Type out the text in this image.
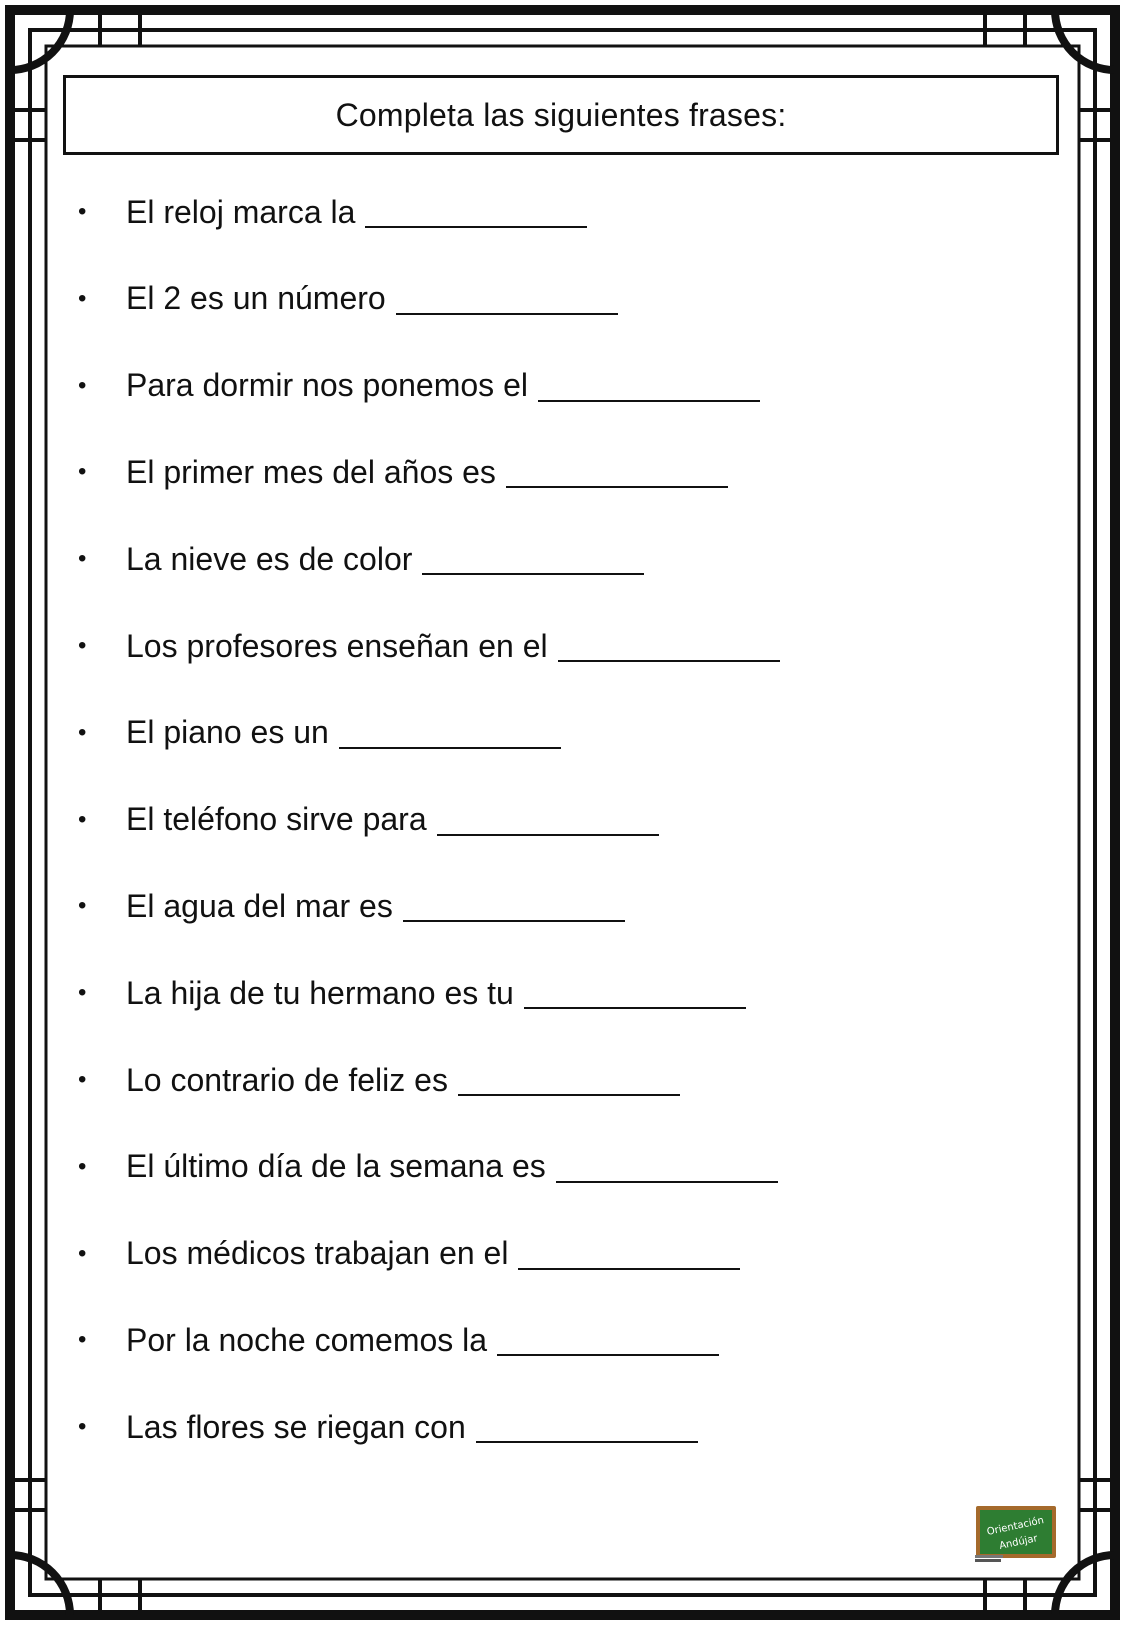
Completa las siguientes frases:
•	El reloj marca la
•	El 2 es un número
•	Para dormir nos ponemos el
•	El primer mes del años es
•	La nieve es de color
•	Los profesores enseñan en el
•	El piano es un
•	El teléfono sirve para
•	El agua del mar es
•	La hija de tu hermano es tu
•	Lo contrario de feliz es
•	El último día de la semana es
•	Los médicos trabajan en el
•	Por la noche comemos la
•	Las flores se riegan con
Orientación
Andújar
